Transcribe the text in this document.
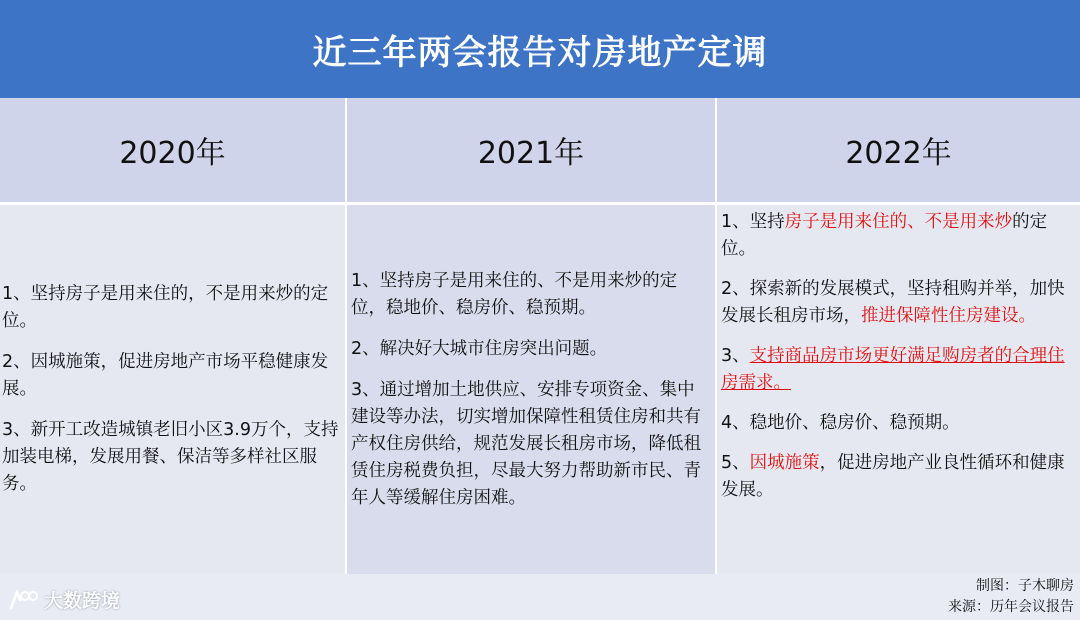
近三年两会报告对房地产定调
2020年	2021年	2022年
1、坚持房子是用来住的，不是用来炒的定位。
2、因城施策，促进房地产市场平稳健康发展。
3、新开工改造城镇老旧小区3.9万个，支持加装电梯，发展用餐、保洁等多样社区服务。
1、坚持房子是用来住的、不是用来炒的定位，稳地价、稳房价、稳预期。
2、解决好大城市住房突出问题。
3、通过增加土地供应、安排专项资金、集中建设等办法，切实增加保障性租赁住房和共有产权住房供给，规范发展长租房市场，降低租赁住房税费负担，尽最大努力帮助新市民、青年人等缓解住房困难。
1、坚持房子是用来住的、不是用来炒的定位。
2、探索新的发展模式，坚持租购并举，加快发展长租房市场，推进保障性住房建设。
3、支持商品房市场更好满足购房者的合理住房需求。
4、稳地价、稳房价、稳预期。
5、因城施策，促进房地产业良性循环和健康发展。
大数跨境
制图：子木聊房
来源：历年会议报告
